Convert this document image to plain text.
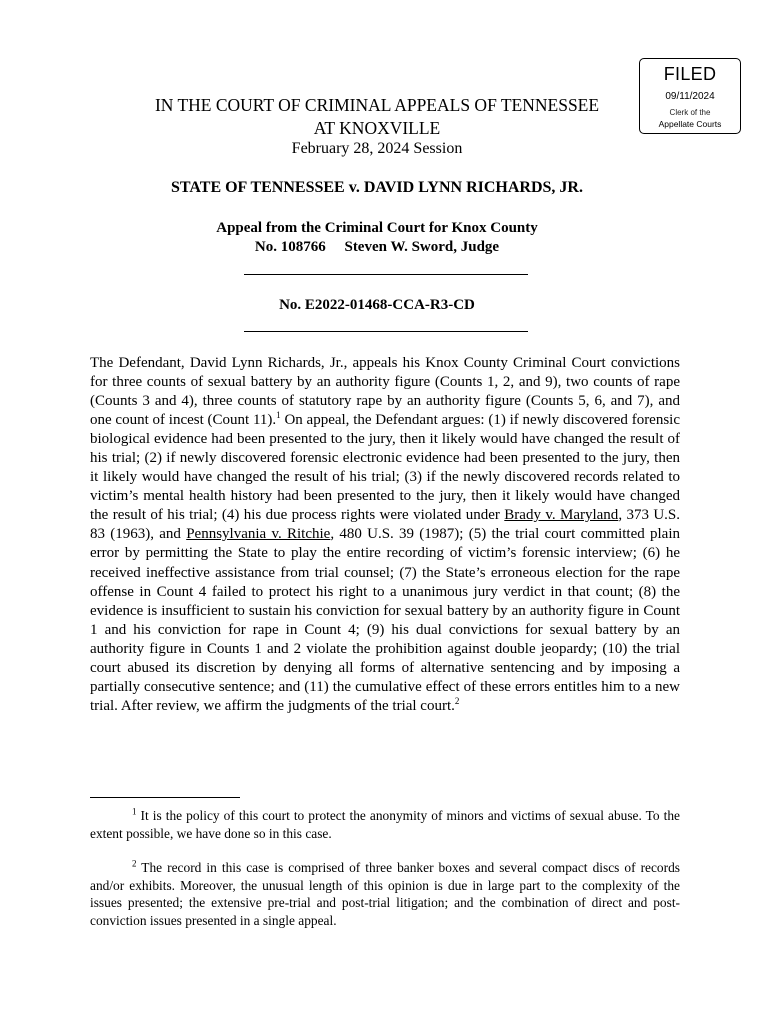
FILED
09/11/2024
Clerk of the
Appellate Courts
IN THE COURT OF CRIMINAL APPEALS OF TENNESSEE
AT KNOXVILLE
February 28, 2024 Session
STATE OF TENNESSEE v. DAVID LYNN RICHARDS, JR.
Appeal from the Criminal Court for Knox County
No. 108766     Steven W. Sword, Judge
No. E2022-01468-CCA-R3-CD
The Defendant, David Lynn Richards, Jr., appeals his Knox County Criminal Court convictions for three counts of sexual battery by an authority figure (Counts 1, 2, and 9), two counts of rape (Counts 3 and 4), three counts of statutory rape by an authority figure (Counts 5, 6, and 7), and one count of incest (Count 11).$^1$ On appeal, the Defendant argues: (1) if newly discovered forensic biological evidence had been presented to the jury, then it likely would have changed the result of his trial; (2) if newly discovered forensic electronic evidence had been presented to the jury, then it likely would have changed the result of his trial; (3) if the newly discovered records related to victim’s mental health history had been presented to the jury, then it likely would have changed the result of his trial; (4) his due process rights were violated under Brady v. Maryland, 373 U.S. 83 (1963), and Pennsylvania v. Ritchie, 480 U.S. 39 (1987); (5) the trial court committed plain error by permitting the State to play the entire recording of victim’s forensic interview; (6) he received ineffective assistance from trial counsel; (7) the State’s erroneous election for the rape offense in Count 4 failed to protect his right to a unanimous jury verdict in that count; (8) the evidence is insufficient to sustain his conviction for sexual battery by an authority figure in Count 1 and his conviction for rape in Count 4; (9) his dual convictions for sexual battery by an authority figure in Counts 1 and 2 violate the prohibition against double jeopardy; (10) the trial court abused its discretion by denying all forms of alternative sentencing and by imposing a partially consecutive sentence; and (11) the cumulative effect of these errors entitles him to a new trial. After review, we affirm the judgments of the trial court.$^2$
$^1$ It is the policy of this court to protect the anonymity of minors and victims of sexual abuse. To the extent possible, we have done so in this case.
$^2$ The record in this case is comprised of three banker boxes and several compact discs of records and/or exhibits. Moreover, the unusual length of this opinion is due in large part to the complexity of the issues presented; the extensive pre-trial and post-trial litigation; and the combination of direct and post-conviction issues presented in a single appeal.
